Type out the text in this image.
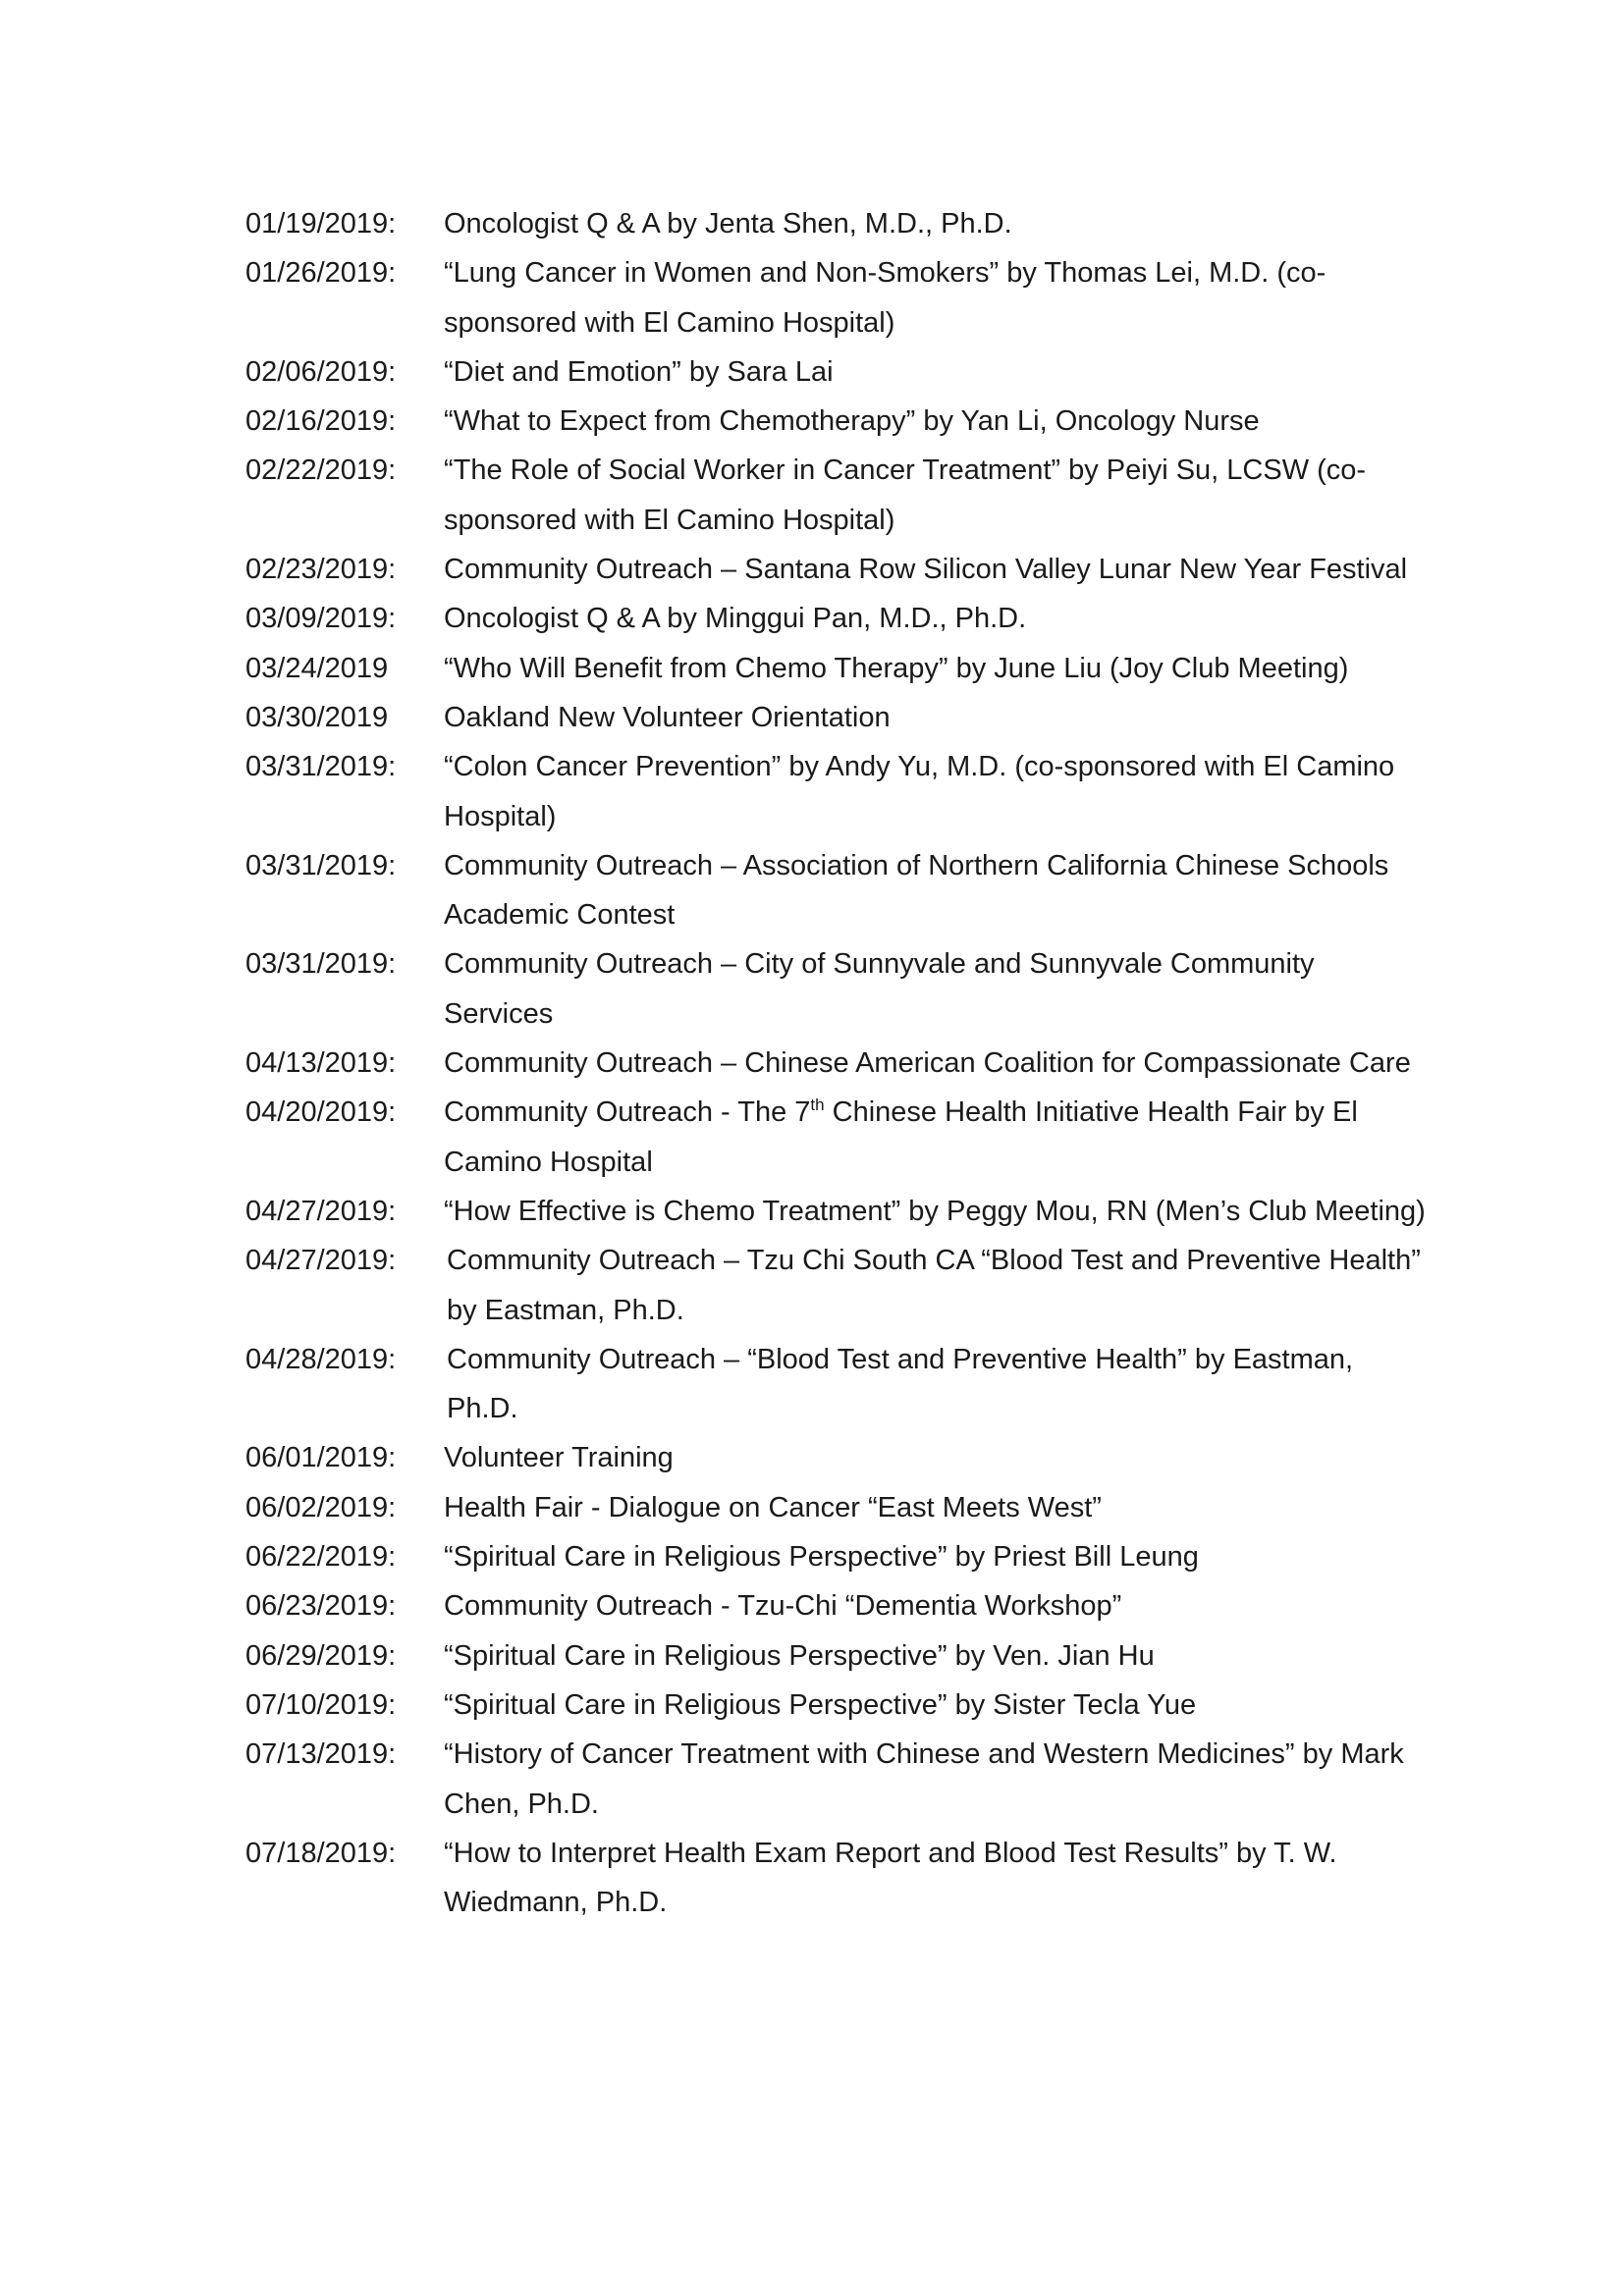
01/19/2019:	Oncologist Q & A by Jenta Shen, M.D., Ph.D.
01/26/2019:	“Lung Cancer in Women and Non-Smokers” by Thomas Lei, M.D. (co-sponsored with El Camino Hospital)
02/06/2019:	“Diet and Emotion” by Sara Lai
02/16/2019:	“What to Expect from Chemotherapy” by Yan Li, Oncology Nurse
02/22/2019:	“The Role of Social Worker in Cancer Treatment” by Peiyi Su, LCSW (co-sponsored with El Camino Hospital)
02/23/2019:	Community Outreach – Santana Row Silicon Valley Lunar New Year Festival
03/09/2019:	Oncologist Q & A by Minggui Pan, M.D., Ph.D.
03/24/2019	“Who Will Benefit from Chemo Therapy” by June Liu (Joy Club Meeting)
03/30/2019	Oakland New Volunteer Orientation
03/31/2019:	“Colon Cancer Prevention” by Andy Yu, M.D. (co-sponsored with El Camino Hospital)
03/31/2019:	Community Outreach – Association of Northern California Chinese Schools Academic Contest
03/31/2019:	Community Outreach – City of Sunnyvale and Sunnyvale Community Services
04/13/2019:	Community Outreach – Chinese American Coalition for Compassionate Care
04/20/2019:	Community Outreach - The 7th Chinese Health Initiative Health Fair by El Camino Hospital
04/27/2019:	“How Effective is Chemo Treatment” by Peggy Mou, RN (Men’s Club Meeting)
04/27/2019:	Community Outreach – Tzu Chi South CA “Blood Test and Preventive Health” by Eastman, Ph.D.
04/28/2019:	Community Outreach – “Blood Test and Preventive Health” by Eastman, Ph.D.
06/01/2019:	Volunteer Training
06/02/2019:	Health Fair - Dialogue on Cancer “East Meets West”
06/22/2019:	“Spiritual Care in Religious Perspective” by Priest Bill Leung
06/23/2019:	Community Outreach - Tzu-Chi “Dementia Workshop”
06/29/2019:	“Spiritual Care in Religious Perspective” by Ven. Jian Hu
07/10/2019:	“Spiritual Care in Religious Perspective” by Sister Tecla Yue
07/13/2019:	“History of Cancer Treatment with Chinese and Western Medicines” by Mark Chen, Ph.D.
07/18/2019:	“How to Interpret Health Exam Report and Blood Test Results” by T. W. Wiedmann, Ph.D.
